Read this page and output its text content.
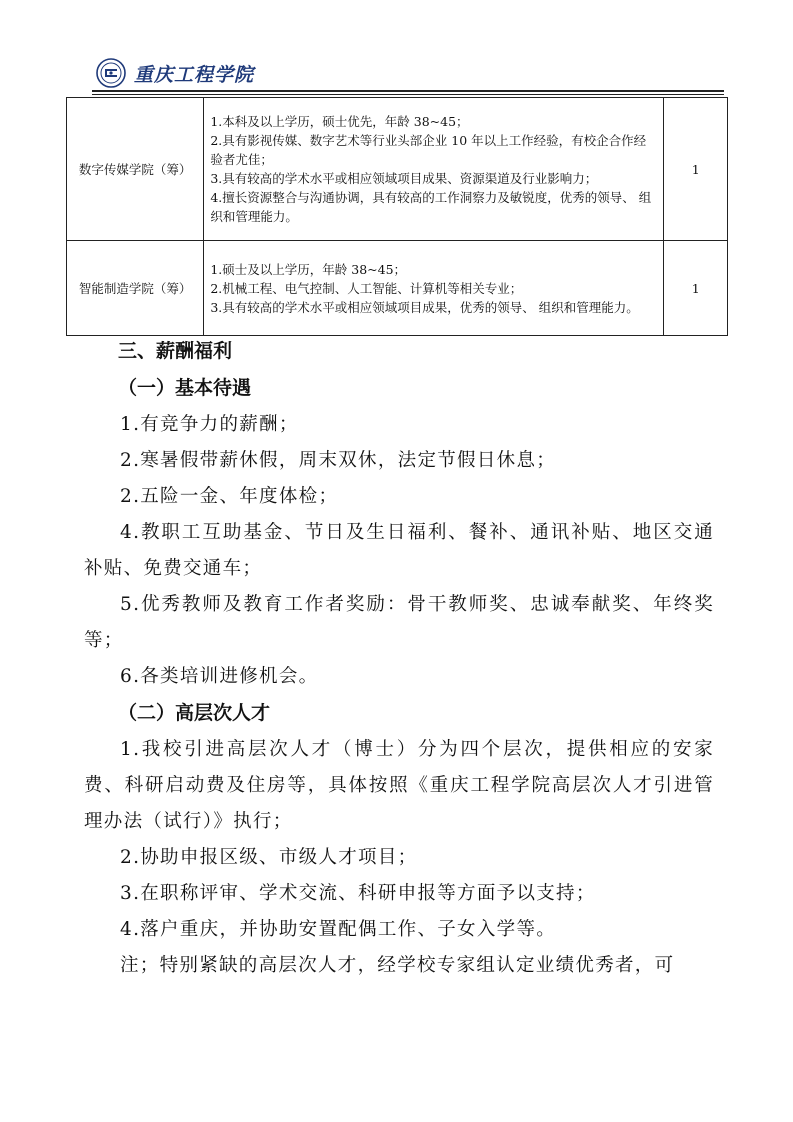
重庆工程学院
数字传媒学院（筹）	1.本科及以上学历，硕士优先，年龄 38~45；
2.具有影视传媒、数字艺术等行业头部企业 10 年以上工作经验，有校企合作经验者尤佳；
3.具有较高的学术水平或相应领域项目成果、资源渠道及行业影响力；
4.擅长资源整合与沟通协调，具有较高的工作洞察力及敏锐度，优秀的领导、 组织和管理能力。	1
智能制造学院（筹）	1.硕士及以上学历，年龄 38~45；
2.机械工程、电气控制、人工智能、计算机等相关专业；
3.具有较高的学术水平或相应领域项目成果，优秀的领导、 组织和管理能力。	1
三、薪酬福利
（一）基本待遇

1.有竞争力的薪酬；

2.寒暑假带薪休假，周末双休，法定节假日休息；

2.五险一金、年度体检；

4.教职工互助基金、节日及生日福利、餐补、通讯补贴、地区交通补贴、免费交通车；

5.优秀教师及教育工作者奖励：骨干教师奖、忠诚奉献奖、年终奖等；

6.各类培训进修机会。

（二）高层次人才

1.我校引进高层次人才（博士）分为四个层次，提供相应的安家费、科研启动费及住房等，具体按照《重庆工程学院高层次人才引进管理办法（试行）》执行；

2.协助申报区级、市级人才项目；

3.在职称评审、学术交流、科研申报等方面予以支持；

4.落户重庆，并协助安置配偶工作、子女入学等。

注；特别紧缺的高层次人才，经学校专家组认定业绩优秀者，可
